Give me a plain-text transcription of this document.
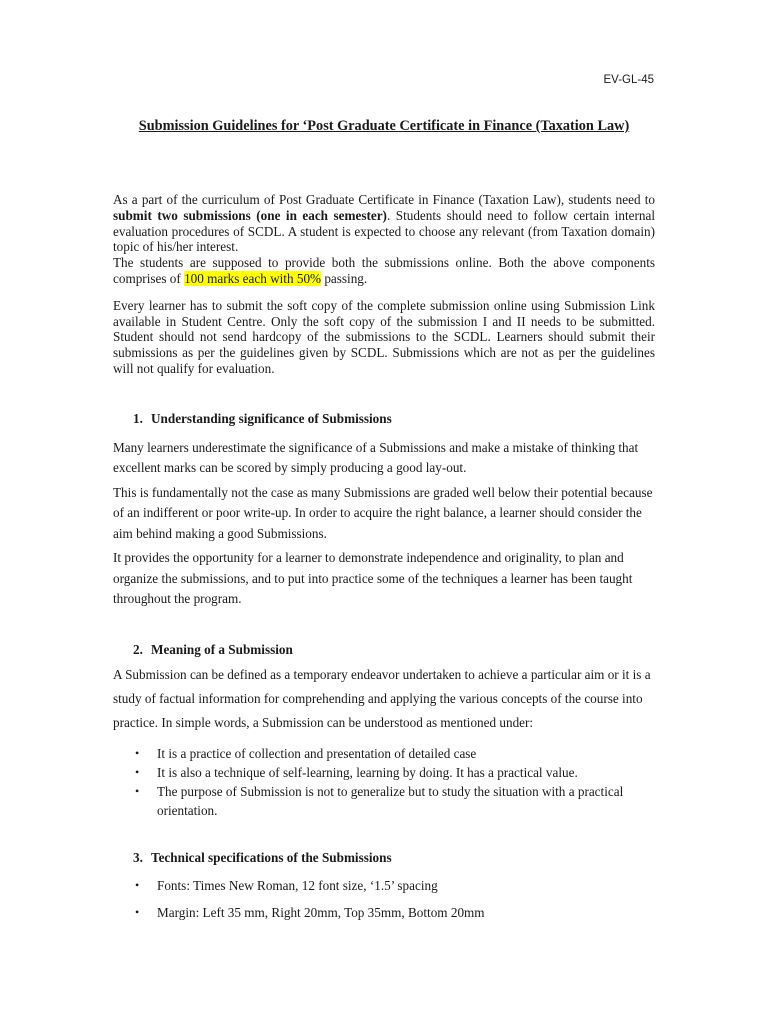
EV-GL-45
Submission Guidelines for ‘Post Graduate Certificate in Finance (Taxation Law)

As a part of the curriculum of Post Graduate Certificate in Finance (Taxation Law), students need to submit two submissions (one in each semester). Students should need to follow certain internal evaluation procedures of SCDL. A student is expected to choose any relevant (from Taxation domain) topic of his/her interest.

The students are supposed to provide both the submissions online. Both the above components comprises of 100 marks each with 50% passing.

Every learner has to submit the soft copy of the complete submission online using Submission Link available in Student Centre. Only the soft copy of the submission I and II needs to be submitted. Student should not send hardcopy of the submissions to the SCDL. Learners should submit their submissions as per the guidelines given by SCDL. Submissions which are not as per the guidelines will not qualify for evaluation.

1. Understanding significance of Submissions

Many learners underestimate the significance of a Submissions and make a mistake of thinking that excellent marks can be scored by simply producing a good lay-out.

This is fundamentally not the case as many Submissions are graded well below their potential because of an indifferent or poor write-up. In order to acquire the right balance, a learner should consider the aim behind making a good Submissions.

It provides the opportunity for a learner to demonstrate independence and originality, to plan and organize the submissions, and to put into practice some of the techniques a learner has been taught throughout the program.

2. Meaning of a Submission

A Submission can be defined as a temporary endeavor undertaken to achieve a particular aim or it is a study of factual information for comprehending and applying the various concepts of the course into practice. In simple words, a Submission can be understood as mentioned under:

• It is a practice of collection and presentation of detailed case
• It is also a technique of self-learning, learning by doing. It has a practical value.
• The purpose of Submission is not to generalize but to study the situation with a practical orientation.

3. Technical specifications of the Submissions

• Fonts: Times New Roman, 12 font size, ‘1.5’ spacing
• Margin: Left 35 mm, Right 20mm, Top 35mm, Bottom 20mm
